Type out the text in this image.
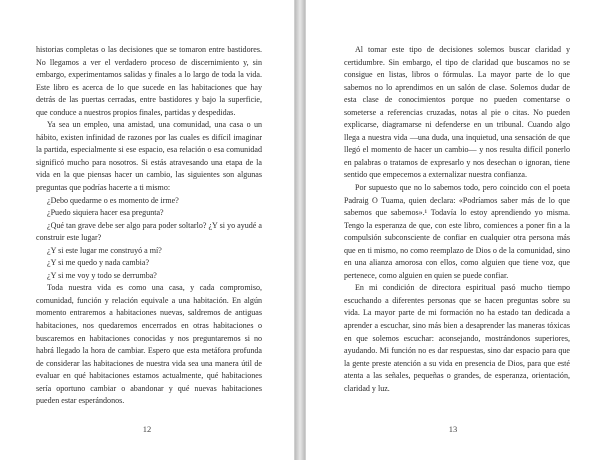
historias completas o las decisiones que se tomaron entre bastidores. No llegamos a ver el verdadero proceso de discernimiento y, sin embargo, experimentamos salidas y finales a lo largo de toda la vida. Este libro es acerca de lo que sucede en las habitaciones que hay detrás de las puertas cerradas, entre bastidores y bajo la superficie, que conduce a nuestros propios finales, partidas y despedidas.

Ya sea un empleo, una amistad, una comunidad, una casa o un hábito, existen infinidad de razones por las cuales es difícil imaginar la partida, especialmente si ese espacio, esa relación o esa comunidad significó mucho para nosotros. Si estás atravesando una etapa de la vida en la que piensas hacer un cambio, las siguientes son algunas preguntas que podrías hacerte a ti mismo:

¿Debo quedarme o es momento de irme?

¿Puedo siquiera hacer esa pregunta?

¿Qué tan grave debe ser algo para poder soltarlo? ¿Y si yo ayudé a construir este lugar?

¿Y si este lugar me construyó a mí?

¿Y si me quedo y nada cambia?

¿Y si me voy y todo se derrumba?

Toda nuestra vida es como una casa, y cada compromiso, comunidad, función y relación equivale a una habitación. En algún momento entraremos a habitaciones nuevas, saldremos de antiguas habitaciones, nos quedaremos encerrados en otras habitaciones o buscaremos en habitaciones conocidas y nos preguntaremos si no habrá llegado la hora de cambiar. Espero que esta metáfora profunda de considerar las habitaciones de nuestra vida sea una manera útil de evaluar en qué habitaciones estamos actualmente, qué habitaciones sería oportuno cambiar o abandonar y qué nuevas habitaciones pueden estar esperándonos.

12

Al tomar este tipo de decisiones solemos buscar claridad y certidumbre. Sin embargo, el tipo de claridad que buscamos no se consigue en listas, libros o fórmulas. La mayor parte de lo que sabemos no lo aprendimos en un salón de clase. Solemos dudar de esta clase de conocimientos porque no pueden comentarse o someterse a referencias cruzadas, notas al pie o citas. No pueden explicarse, diagramarse ni defenderse en un tribunal. Cuando algo llega a nuestra vida —una duda, una inquietud, una sensación de que llegó el momento de hacer un cambio— y nos resulta difícil ponerlo en palabras o tratamos de expresarlo y nos desechan o ignoran, tiene sentido que empecemos a externalizar nuestra confianza.

Por supuesto que no lo sabemos todo, pero coincido con el poeta Padraig O Tuama, quien declara: «Podríamos saber más de lo que sabemos que sabemos».¹ Todavía lo estoy aprendiendo yo misma. Tengo la esperanza de que, con este libro, comiences a poner fin a la compulsión subconsciente de confiar en cualquier otra persona más que en ti mismo, no como reemplazo de Dios o de la comunidad, sino en una alianza amorosa con ellos, como alguien que tiene voz, que pertenece, como alguien en quien se puede confiar.

En mi condición de directora espiritual pasó mucho tiempo escuchando a diferentes personas que se hacen preguntas sobre su vida. La mayor parte de mi formación no ha estado tan dedicada a aprender a escuchar, sino más bien a desaprender las maneras tóxicas en que solemos escuchar: aconsejando, mostrándonos superiores, ayudando. Mi función no es dar respuestas, sino dar espacio para que la gente preste atención a su vida en presencia de Dios, para que esté atenta a las señales, pequeñas o grandes, de esperanza, orientación, claridad y luz.

13
